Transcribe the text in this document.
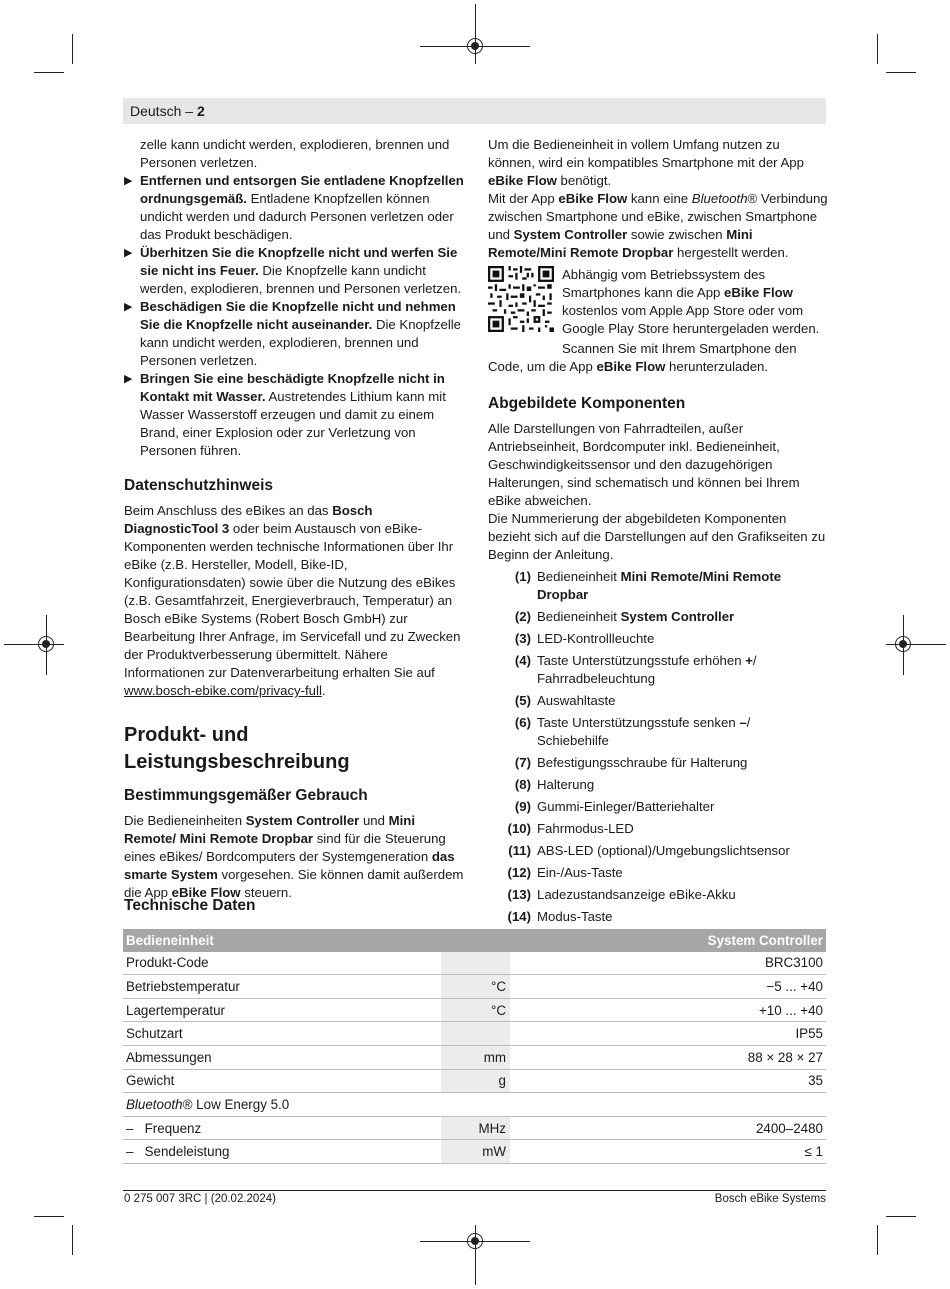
Deutsch – 2

zelle kann undicht werden, explodieren, brennen und Personen verletzen.

▶ Entfernen und entsorgen Sie entladene Knopfzellen ordnungsgemäß. Entladene Knopfzellen können undicht werden und dadurch Personen verletzen oder das Produkt beschädigen.
▶ Überhitzen Sie die Knopfzelle nicht und werfen Sie sie nicht ins Feuer. Die Knopfzelle kann undicht werden, explodieren, brennen und Personen verletzen.
▶ Beschädigen Sie die Knopfzelle nicht und nehmen Sie die Knopfzelle nicht auseinander. Die Knopfzelle kann undicht werden, explodieren, brennen und Personen verletzen.
▶ Bringen Sie eine beschädigte Knopfzelle nicht in Kontakt mit Wasser. Austretendes Lithium kann mit Wasser Wasserstoff erzeugen und damit zu einem Brand, einer Explosion oder zur Verletzung von Personen führen.
Datenschutzhinweis

Beim Anschluss des eBikes an das Bosch DiagnosticTool 3 oder beim Austausch von eBike-Komponenten werden technische Informationen über Ihr eBike (z.B. Hersteller, Modell, Bike-ID, Konfigurationsdaten) sowie über die Nutzung des eBikes (z.B. Gesamtfahrzeit, Energieverbrauch, Temperatur) an Bosch eBike Systems (Robert Bosch GmbH) zur Bearbeitung Ihrer Anfrage, im Servicefall und zu Zwecken der Produktverbesserung übermittelt. Nähere Informationen zur Datenverarbeitung erhalten Sie auf www.bosch-ebike.com/privacy-full.

Produkt- und Leistungsbeschreibung
Bestimmungsgemäßer Gebrauch

Die Bedieneinheiten System Controller und Mini Remote/ Mini Remote Dropbar sind für die Steuerung eines eBikes/ Bordcomputers der Systemgeneration das smarte System vorgesehen. Sie können damit außerdem die App eBike Flow steuern.

Um die Bedieneinheit in vollem Umfang nutzen zu können, wird ein kompatibles Smartphone mit der App eBike Flow benötigt.

Mit der App eBike Flow kann eine Bluetooth® Verbindung zwischen Smartphone und eBike, zwischen Smartphone und System Controller sowie zwischen Mini Remote/Mini Remote Dropbar hergestellt werden.

Abhängig vom Betriebssystem des Smartphones kann die App eBike Flow kostenlos vom Apple App Store oder vom Google Play Store heruntergeladen werden.

Scannen Sie mit Ihrem Smartphone den Code, um die App eBike Flow herunterzuladen.

Abgebildete Komponenten

Alle Darstellungen von Fahrradteilen, außer Antriebseinheit, Bordcomputer inkl. Bedieneinheit, Geschwindigkeitssensor und den dazugehörigen Halterungen, sind schematisch und können bei Ihrem eBike abweichen.

Die Nummerierung der abgebildeten Komponenten bezieht sich auf die Darstellungen auf den Grafikseiten zu Beginn der Anleitung.

(1) Bedieneinheit Mini Remote/Mini Remote Dropbar
(2) Bedieneinheit System Controller
(3) LED-Kontrollleuchte
(4) Taste Unterstützungsstufe erhöhen +/
Fahrradbeleuchtung
(5) Auswahltaste
(6) Taste Unterstützungsstufe senken –/
Schiebehilfe
(7) Befestigungsschraube für Halterung
(8) Halterung
(9) Gummi-Einleger/Batteriehalter
(10) Fahrmodus-LED
(11) ABS-LED (optional)/Umgebungslichtsensor
(12) Ein-/Aus-Taste
(13) Ladezustandsanzeige eBike-Akku
(14) Modus-Taste
Technische Daten
Bedieneinheit		System Controller
Produkt-Code		BRC3100
Betriebstemperatur	°C	−5 ... +40
Lagertemperatur	°C	+10 ... +40
Schutzart		IP55
Abmessungen	mm	88 × 28 × 27
Gewicht	g	35
Bluetooth® Low Energy 5.0		
–   Frequenz	MHz	2400–2480
–   Sendeleistung	mW	≤ 1
0 275 007 3RC | (20.02.2024)	Bosch eBike Systems
